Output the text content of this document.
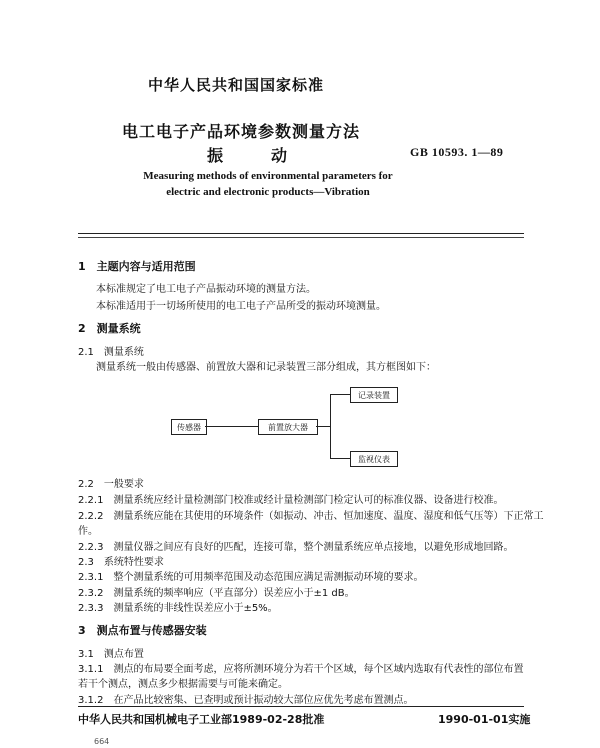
中华人民共和国国家标准
电工电子产品环境参数测量方法
振　　　动	GB 10593. 1—89
Measuring methods of environmental parameters for
electric and electronic products—Vibration
1　主题内容与适用范围
本标准规定了电工电子产品振动环境的测量方法。
本标准适用于一切场所使用的电工电子产品所受的振动环境测量。
2　测量系统
2.1　测量系统
测量系统一般由传感器、前置放大器和记录装置三部分组成，其方框图如下：
传感器	前置放大器
记录装置
监视仪表
2.2　一般要求
2.2.1　测量系统应经计量检测部门校准或经计量检测部门检定认可的标准仪器、设备进行校准。
2.2.2　测量系统应能在其使用的环境条件（如振动、冲击、恒加速度、温度、湿度和低气压等）下正常工
作。
2.2.3　测量仪器之间应有良好的匹配，连接可靠，整个测量系统应单点接地，以避免形成地回路。
2.3　系统特性要求
2.3.1　整个测量系统的可用频率范围及动态范围应满足需测振动环境的要求。
2.3.2　测量系统的频率响应（平直部分）误差应小于±1 dB。
2.3.3　测量系统的非线性误差应小于±5%。
3　测点布置与传感器安装
3.1　测点布置
3.1.1　测点的布局要全面考虑，应将所测环境分为若干个区域，每个区域内选取有代表性的部位布置
若干个测点，测点多少根据需要与可能来确定。
3.1.2　在产品比较密集、已查明或预计振动较大部位应优先考虑布置测点。
中华人民共和国机械电子工业部1989-02-28批准	1990-01-01实施
664
